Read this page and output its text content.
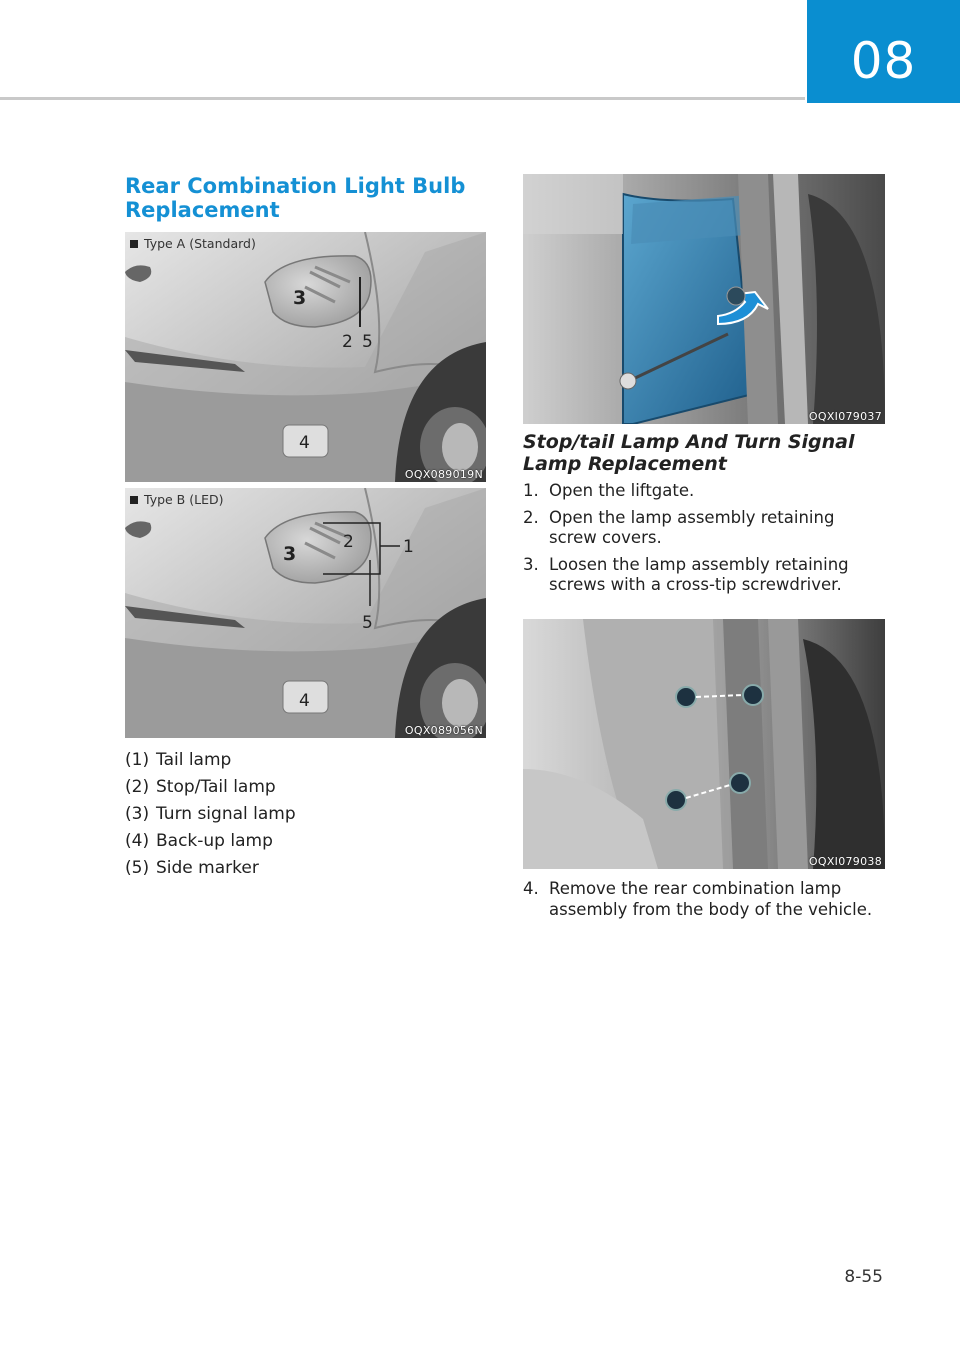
08
Rear Combination Light Bulb Replacement
Type A (Standard)
3
2 5
4
OQX089019N
Type B (LED)
2	1
3
5
4
OQX089056N
(1) Tail lamp
(2) Stop/Tail lamp
(3) Turn signal lamp
(4) Back-up lamp
(5) Side marker
OQXI079037
Stop/tail Lamp And Turn Signal Lamp Replacement
1. Open the liftgate.
2. Open the lamp assembly retaining screw covers.
3. Loosen the lamp assembly retaining screws with a cross-tip screwdriver.
OQXI079038
4. Remove the rear combination lamp assembly from the body of the vehicle.
8-55
